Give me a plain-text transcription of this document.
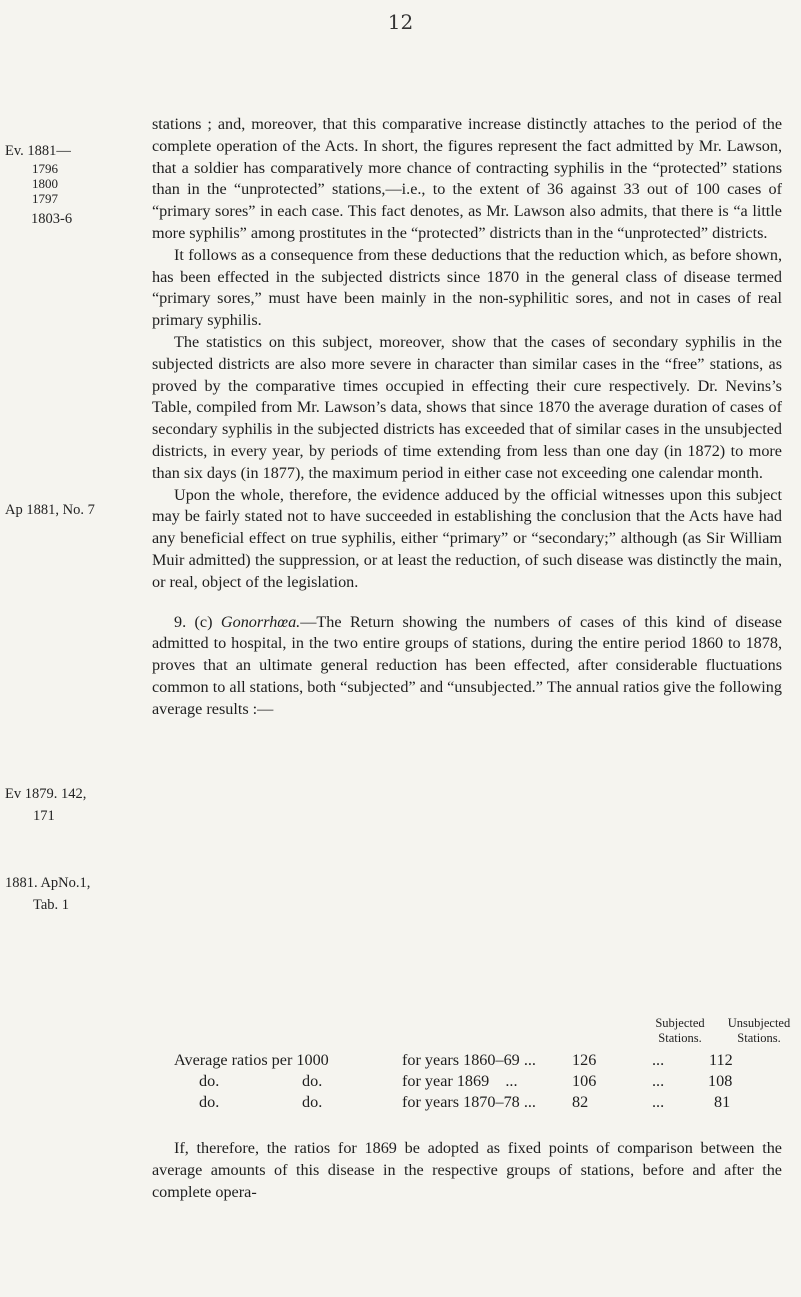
12
Ev. 1881—

1796
1800
1797
1803-6
Ap 1881, No. 7
Ev 1879. 142,

171
1881. ApNo.1,

Tab. 1

stations ; and, moreover, that this comparative increase distinctly attaches to the period of the complete operation of the Acts. In short, the figures represent the fact admitted by Mr. Lawson, that a soldier has comparatively more chance of contracting syphilis in the “protected” stations than in the “unprotected” stations,—i.e., to the extent of 36 against 33 out of 100 cases of “primary sores” in each case. This fact denotes, as Mr. Lawson also admits, that there is “a little more syphilis” among prostitutes in the “protected” districts than in the “unprotected” districts.

It follows as a consequence from these deductions that the reduction which, as before shown, has been effected in the subjected districts since 1870 in the general class of disease termed “primary sores,” must have been mainly in the non-syphilitic sores, and not in cases of real primary syphilis.

The statistics on this subject, moreover, show that the cases of secondary syphilis in the subjected districts are also more severe in character than similar cases in the “free” stations, as proved by the comparative times occupied in effecting their cure respectively. Dr. Nevins’s Table, compiled from Mr. Lawson’s data, shows that since 1870 the average duration of cases of secondary syphilis in the subjected districts has exceeded that of similar cases in the unsubjected districts, in every year, by periods of time extending from less than one day (in 1872) to more than six days (in 1877), the maximum period in either case not exceeding one calendar month.

Upon the whole, therefore, the evidence adduced by the official witnesses upon this subject may be fairly stated not to have succeeded in establishing the conclusion that the Acts have had any beneficial effect on true syphilis, either “primary” or “secondary;” although (as Sir William Muir admitted) the suppression, or at least the reduction, of such disease was distinctly the main, or real, object of the legislation.

9. (c) Gonorrhœa.—The Return showing the numbers of cases of this kind of disease admitted to hospital, in the two entire groups of stations, during the entire period 1860 to 1878, proves that an ultimate general reduction has been effected, after considerable fluctuations common to all stations, both “subjected” and “unsubjected.” The annual ratios give the following average results :—

Subjected
Stations.
Unsubjected
Stations.
Average ratios per 1000	for years 1860–69 ... 126	...	112
do.	do.	for year 1869    ...	106	...	108
do.	do.	for years 1870–78 ... 82	...	81

If, therefore, the ratios for 1869 be adopted as fixed points of comparison between the average amounts of this disease in the respective groups of stations, before and after the complete opera-
